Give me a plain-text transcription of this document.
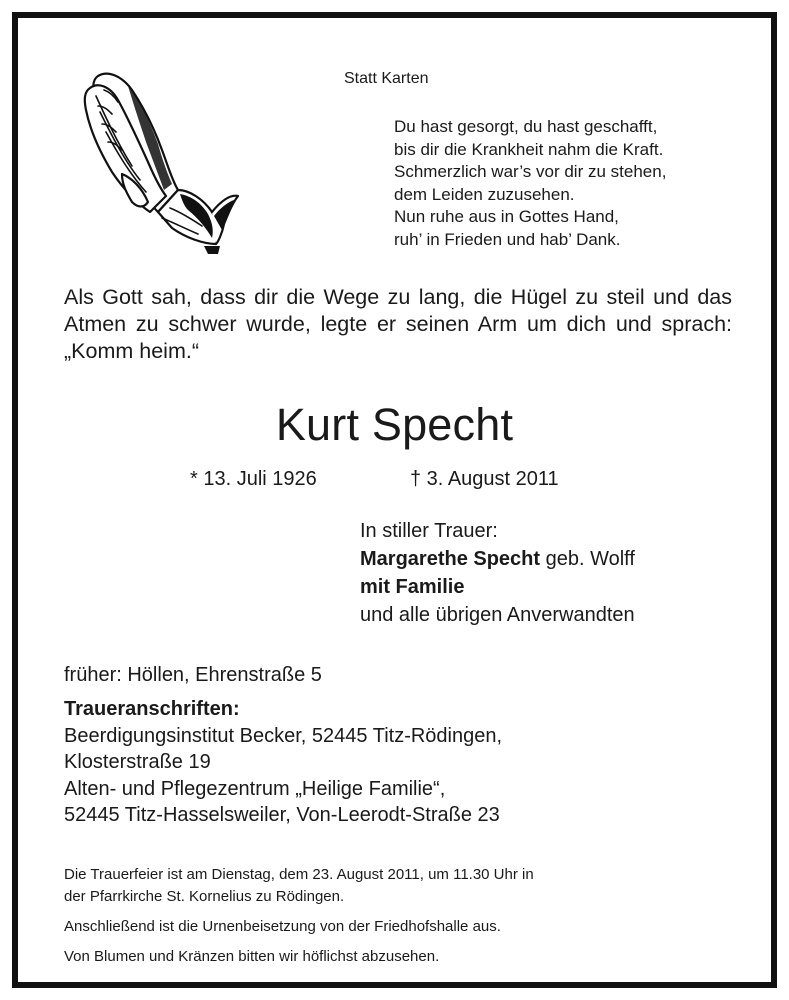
Statt Karten
Du hast gesorgt, du hast geschafft,
bis dir die Krankheit nahm die Kraft.
Schmerzlich war’s vor dir zu stehen,
dem Leiden zuzusehen.
Nun ruhe aus in Gottes Hand,
ruh’ in Frieden und hab’ Dank.
Als Gott sah, dass dir die Wege zu lang, die Hügel zu steil und das Atmen zu schwer wurde, legte er seinen Arm um dich und sprach: „Komm heim.“
Kurt Specht
* 13. Juli 1926	† 3. August 2011
In stiller Trauer:
Margarethe Specht geb. Wolff
mit Familie
und alle übrigen Anverwandten
früher: Höllen, Ehrenstraße 5
Traueranschriften:
Beerdigungsinstitut Becker, 52445 Titz-Rödingen,
Klosterstraße 19
Alten- und Pflegezentrum „Heilige Familie“,
52445 Titz-Hasselsweiler, Von-Leerodt-Straße 23
Die Trauerfeier ist am Dienstag, dem 23. August 2011, um 11.30 Uhr in
der Pfarrkirche St. Kornelius zu Rödingen.
Anschließend ist die Urnenbeisetzung von der Friedhofshalle aus.
Von Blumen und Kränzen bitten wir höflichst abzusehen.
